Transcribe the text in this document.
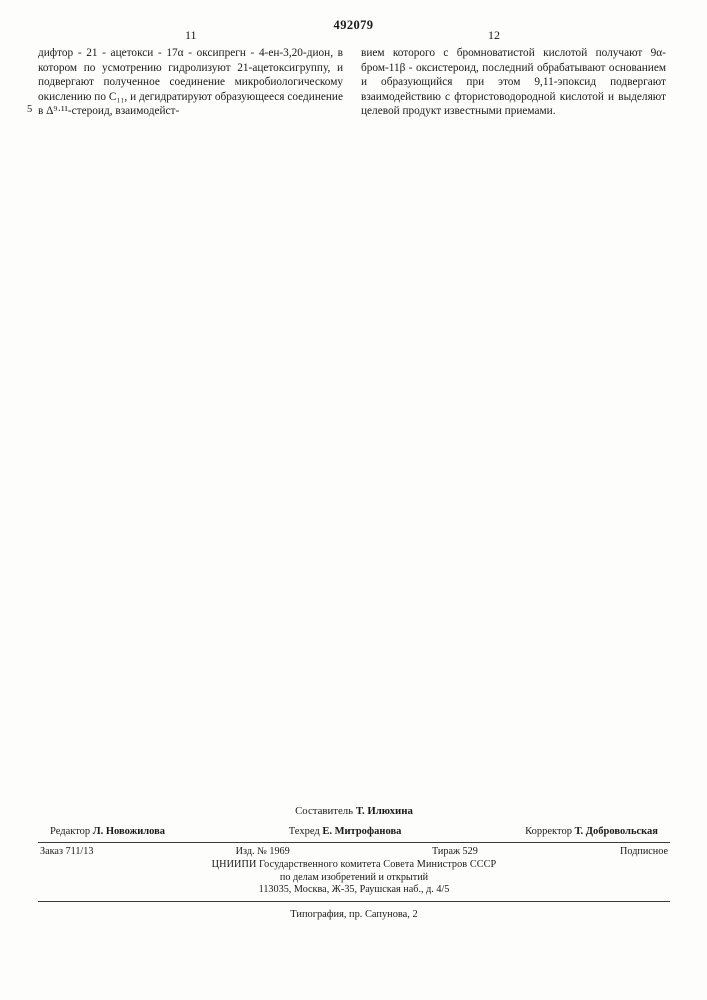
492079
11	12
5

дифтор - 21 - ацетокси - 17α - оксипрегн - 4-ен-3,20-дион, в котором по усмотрению гидролизуют 21-ацетоксигруппу, и подвергают полученное соединение микробиологическому окислению по C₁₁, и дегидратируют образующееся соединение в Δ⁹·¹¹-стероид, взаимодейст-

вием которого с бромноватистой кислотой получают 9α-бром-11β - оксистероид, последний обрабатывают основанием и образующийся при этом 9,11-эпоксид подвергают взаимодействию с фтористоводородной кислотой и выделяют целевой продукт известными приемами.

Составитель Т. Илюхина
Редактор Л. Новожилова	Техред Е. Митрофанова	Корректор Т. Добровольская
Заказ 711/13	Изд. № 1969	Тираж 529	Подписное
ЦНИИПИ Государственного комитета Совета Министров СССР
по делам изобретений и открытий
113035, Москва, Ж-35, Раушская наб., д. 4/5
Типография, пр. Сапунова, 2
